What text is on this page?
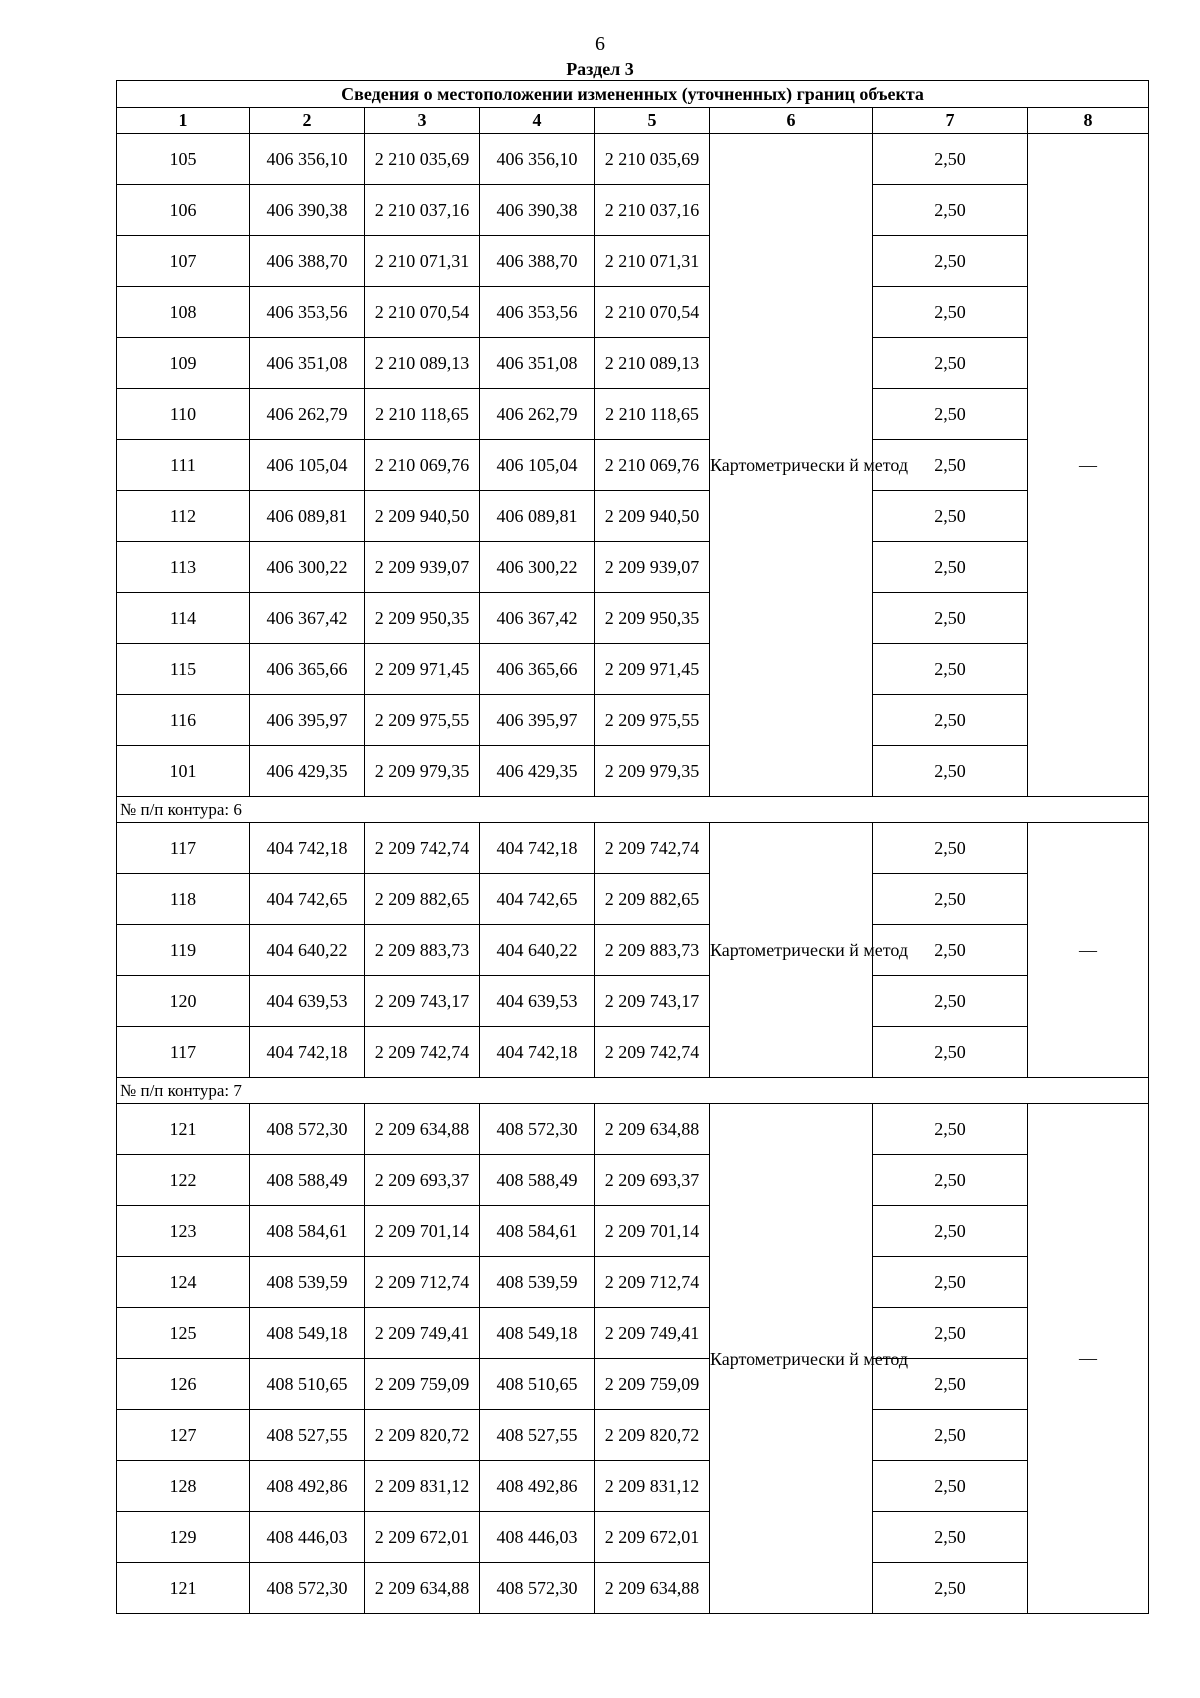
6
Раздел 3
Сведения о местоположении измененных (уточненных) границ объекта							
1	2	3	4	5	6	7	8
105	406 356,10	2 210 035,69	406 356,10	2 210 035,69	Картометрически й метод	2,50	—
106	406 390,38	2 210 037,16	406 390,38	2 210 037,16		2,50	
107	406 388,70	2 210 071,31	406 388,70	2 210 071,31		2,50	
108	406 353,56	2 210 070,54	406 353,56	2 210 070,54		2,50	
109	406 351,08	2 210 089,13	406 351,08	2 210 089,13		2,50	
110	406 262,79	2 210 118,65	406 262,79	2 210 118,65		2,50	
111	406 105,04	2 210 069,76	406 105,04	2 210 069,76		2,50	
112	406 089,81	2 209 940,50	406 089,81	2 209 940,50		2,50	
113	406 300,22	2 209 939,07	406 300,22	2 209 939,07		2,50	
114	406 367,42	2 209 950,35	406 367,42	2 209 950,35		2,50	
115	406 365,66	2 209 971,45	406 365,66	2 209 971,45		2,50	
116	406 395,97	2 209 975,55	406 395,97	2 209 975,55		2,50	
101	406 429,35	2 209 979,35	406 429,35	2 209 979,35		2,50	
№ п/п контура: 6							
117	404 742,18	2 209 742,74	404 742,18	2 209 742,74	Картометрически й метод	2,50	—
118	404 742,65	2 209 882,65	404 742,65	2 209 882,65		2,50	
119	404 640,22	2 209 883,73	404 640,22	2 209 883,73		2,50	
120	404 639,53	2 209 743,17	404 639,53	2 209 743,17		2,50	
117	404 742,18	2 209 742,74	404 742,18	2 209 742,74		2,50	
№ п/п контура: 7							
121	408 572,30	2 209 634,88	408 572,30	2 209 634,88	Картометрически й метод	2,50	—
122	408 588,49	2 209 693,37	408 588,49	2 209 693,37		2,50	
123	408 584,61	2 209 701,14	408 584,61	2 209 701,14		2,50	
124	408 539,59	2 209 712,74	408 539,59	2 209 712,74		2,50	
125	408 549,18	2 209 749,41	408 549,18	2 209 749,41		2,50	
126	408 510,65	2 209 759,09	408 510,65	2 209 759,09		2,50	
127	408 527,55	2 209 820,72	408 527,55	2 209 820,72		2,50	
128	408 492,86	2 209 831,12	408 492,86	2 209 831,12		2,50	
129	408 446,03	2 209 672,01	408 446,03	2 209 672,01		2,50	
121	408 572,30	2 209 634,88	408 572,30	2 209 634,88		2,50	
